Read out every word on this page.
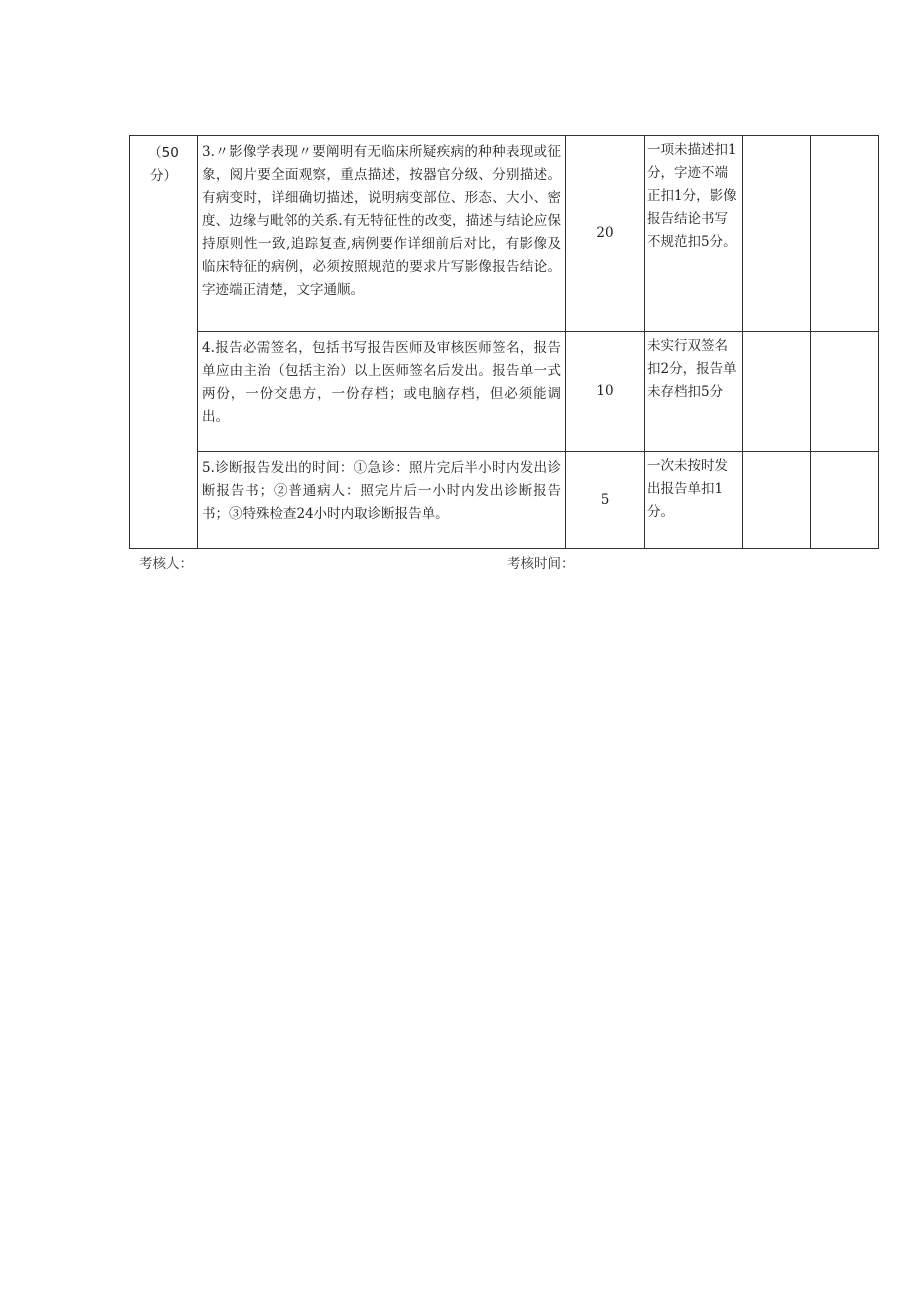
（50
分）	3.〃影像学表现〃要阐明有无临床所疑疾病的种种表现或征象，阅片要全面观察，重点描述，按器官分级、分别描述。有病变时，详细确切描述，说明病变部位、形态、大小、密度、边缘与毗邻的关系.有无特征性的改变，描述与结论应保持原则性一致,追踪复查,病例要作详细前后对比，有影像及临床特征的病例，必须按照规范的要求片写影像报告结论。字迹端正清楚，文字通顺。	20	一项未描述扣1分，字迹不端正扣1分，影像报告结论书写不规范扣5分。		
	4.报告必需签名，包括书写报告医师及审核医师签名，报告单应由主治（包括主治）以上医师签名后发出。报告单一式两份，一份交患方，一份存档；或电脑存档，但必须能调出。	10	未实行双签名扣2分，报告单未存档扣5分		
	5.诊断报告发出的时间：①急诊：照片完后半小时内发出诊断报告书；②普通病人：照完片后一小时内发出诊断报告书；③特殊检查24小时内取诊断报告单。	5	一次未按时发出报告单扣1分。		
考核人：	考核时间：
